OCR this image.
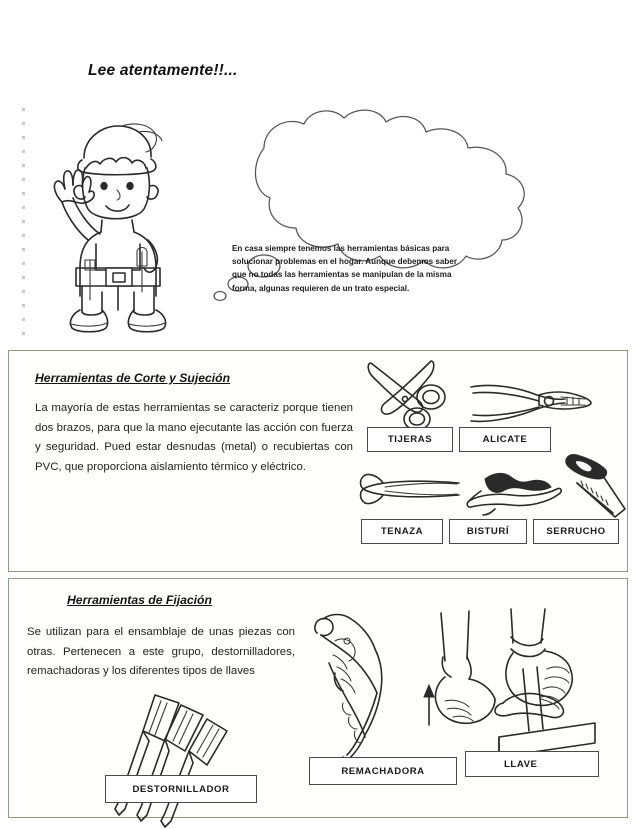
Lee atentamente!!...
En casa siempre tenemos las herramientas básicas para solucionar problemas en el hogar. Aunque debemos saber que no todas las herramientas se manipulan de la misma forma, algunas requieren de un trato especial.
Herramientas de Corte y Sujeción
La mayoría de estas herramientas se caracteriz porque tienen dos brazos, para que la mano ejecutante las acción con fuerza y seguridad. Pued estar desnudas (metal) o recubiertas con PVC, que proporciona aislamiento térmico y eléctrico.
TIJERAS	ALICATE
TENAZA	BISTURÍ	SERRUCHO
Herramientas de Fijación
Se utilizan para el ensamblaje de unas piezas con otras. Pertenecen a este grupo, destornilladores, remachadoras y los diferentes tipos de llaves
DESTORNILLADOR
REMACHADORA
LLAVE
